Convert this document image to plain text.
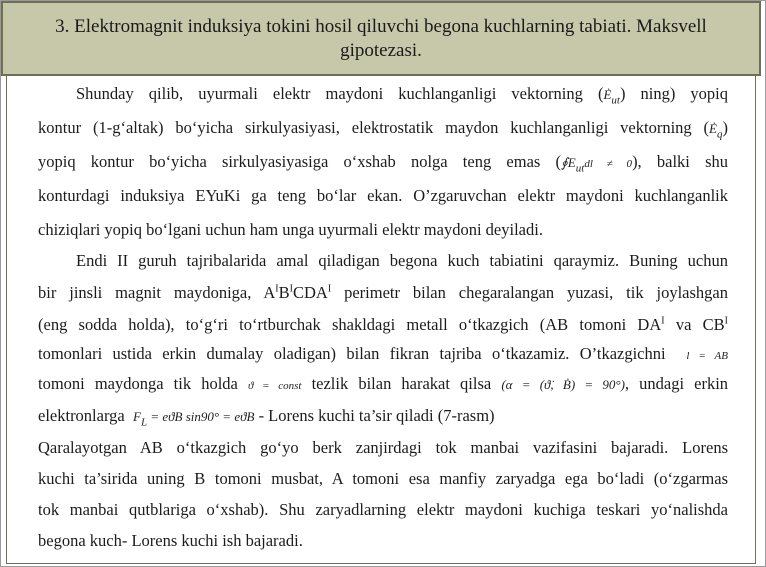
3. Elektromagnit induksiya tokini hosil qiluvchi begona kuchlarning tabiati. Maksvell
gipotezasi.
Shunday qilib, uyurmali elektr maydoni kuchlanganligi vektorning $(Ė_{ut})$ ning) yopiq
kontur (1-g‘altak) bo‘yicha sirkulyasiyasi, elektrostatik maydon kuchlanganligi vektorning $(Ė_q)$
yopiq kontur bo‘yicha sirkulyasiyasiga o‘xshab nolga teng emas $(∮E_{ut}dl \ne 0)$, balki shu
konturdagi induksiya EYuKi ga teng bo‘lar ekan. O’zgaruvchan elektr maydoni kuchlanganlik
chiziqlari yopiq bo‘lgani uchun ham unga uyurmali elektr maydoni deyiladi.
Endi II guruh tajribalarida amal qiladigan begona kuch tabiatini qaraymiz. Buning uchun
bir jinsli magnit maydoniga, $A^IB^ICDA^I$ perimetr bilan chegaralangan yuzasi, tik joylashgan
(eng sodda holda), to‘g‘ri to‘rtburchak shakldagi metall o‘tkazgich (AB tomoni $DA^I$ va $CB^I$
tomonlari ustida erkin dumalay oladigan) bilan fikran tajriba o‘tkazamiz. O’tkazgichni l = AB
tomoni maydonga tik holda ϑ = const tezlik bilan harakat qilsa (α = (ϑ̇, Ḃ) = 90°), undagi erkin
elektronlarga $F_L = eϑB$ sin90° = eϑB - Lorens kuchi ta’sir qiladi (7-rasm)
Qaralayotgan AB o‘tkazgich go‘yo berk zanjirdagi tok manbai vazifasini bajaradi. Lorens
kuchi ta’sirida uning B tomoni musbat, A tomoni esa manfiy zaryadga ega bo‘ladi (o‘zgarmas
tok manbai qutblariga o‘xshab). Shu zaryadlarning elektr maydoni kuchiga teskari yo‘nalishda
begona kuch- Lorens kuchi ish bajaradi.
